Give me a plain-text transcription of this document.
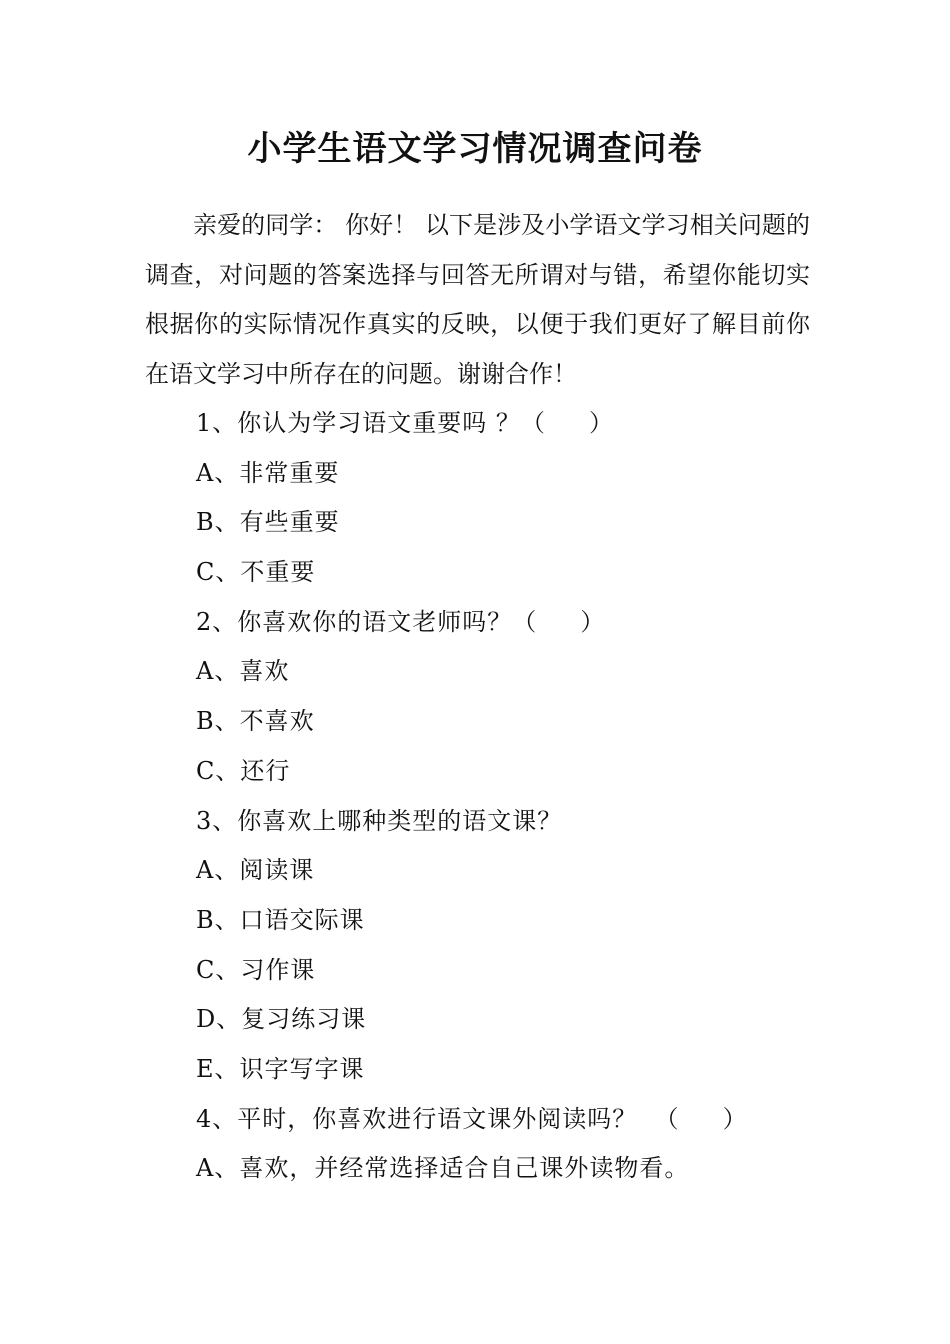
小学生语文学习情况调查问卷

亲爱的同学： 你好！ 以下是涉及小学语文学习相关问题的调查，对问题的答案选择与回答无所谓对与错，希望你能切实根据你的实际情况作真实的反映，以便于我们更好了解目前你在语文学习中所存在的问题。谢谢合作！

1、你认为学习语文重要吗 ？（     ）
A、非常重要
B、有些重要
C、不重要
2、你喜欢你的语文老师吗？（     ）
A、喜欢
B、不喜欢
C、还行
3、你喜欢上哪种类型的语文课？
A、阅读课
B、口语交际课
C、习作课
D、复习练习课
E、识字写字课
4、平时，你喜欢进行语文课外阅读吗？  （     ）
A、喜欢，并经常选择适合自己课外读物看。
